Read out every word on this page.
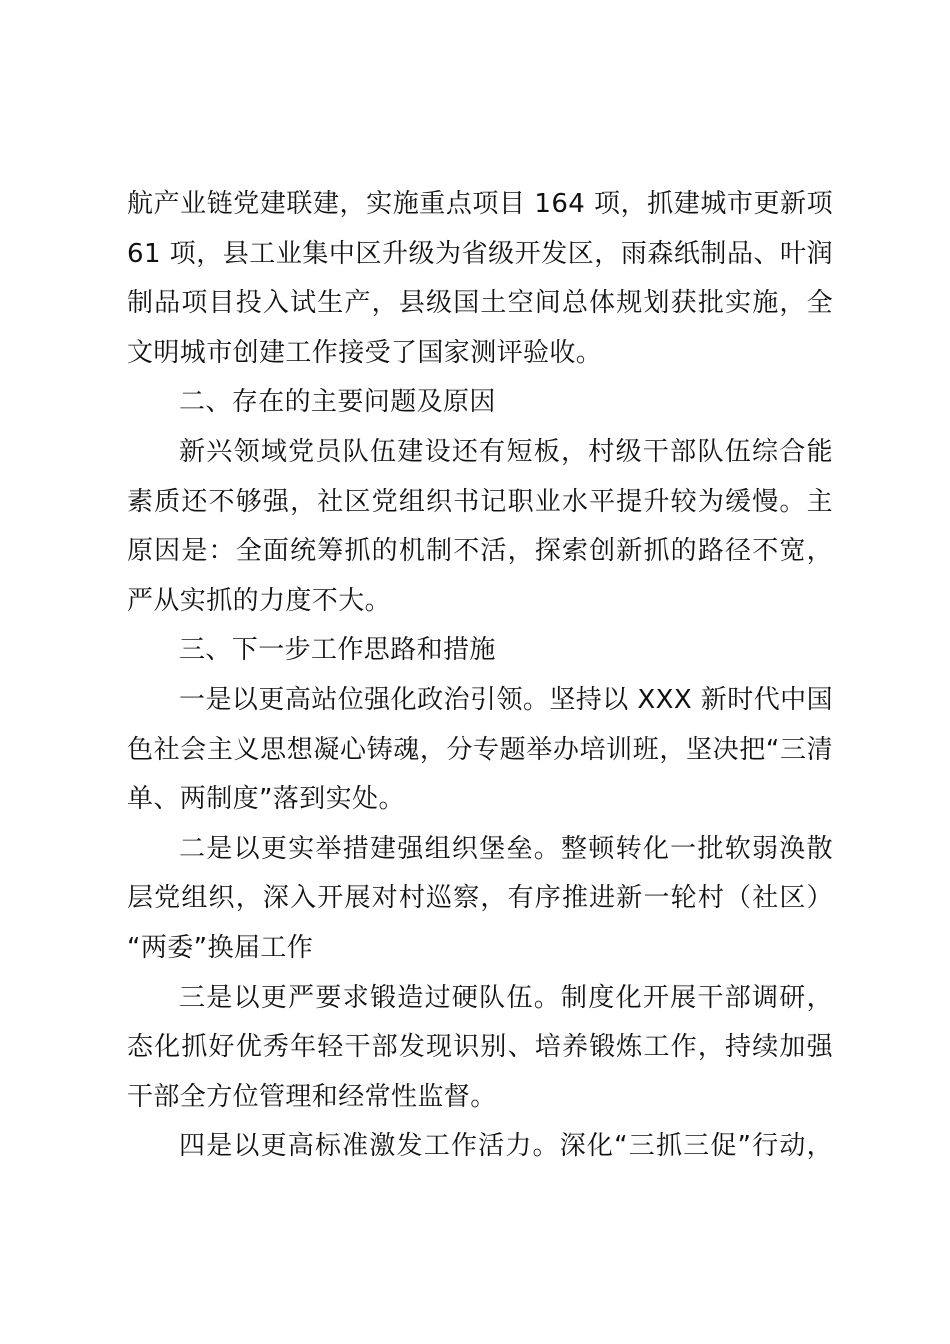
航产业链党建联建，实施重点项目 164 项，抓建城市更新项
61 项，县工业集中区升级为省级开发区，雨森纸制品、叶润
制品项目投入试生产，县级国土空间总体规划获批实施，全
文明城市创建工作接受了国家测评验收。
二、存在的主要问题及原因
新兴领域党员队伍建设还有短板，村级干部队伍综合能
素质还不够强，社区党组织书记职业水平提升较为缓慢。主
原因是：全面统筹抓的机制不活，探索创新抓的路径不宽，
严从实抓的力度不大。
三、下一步工作思路和措施
一是以更高站位强化政治引领。坚持以 XXX 新时代中国
色社会主义思想凝心铸魂，分专题举办培训班，坚决把“三清
单、两制度”落到实处。
二是以更实举措建强组织堡垒。整顿转化一批软弱涣散
层党组织，深入开展对村巡察，有序推进新一轮村（社区）
“两委”换届工作
三是以更严要求锻造过硬队伍。制度化开展干部调研，
态化抓好优秀年轻干部发现识别、培养锻炼工作，持续加强
干部全方位管理和经常性监督。
四是以更高标准激发工作活力。深化“三抓三促”行动，
